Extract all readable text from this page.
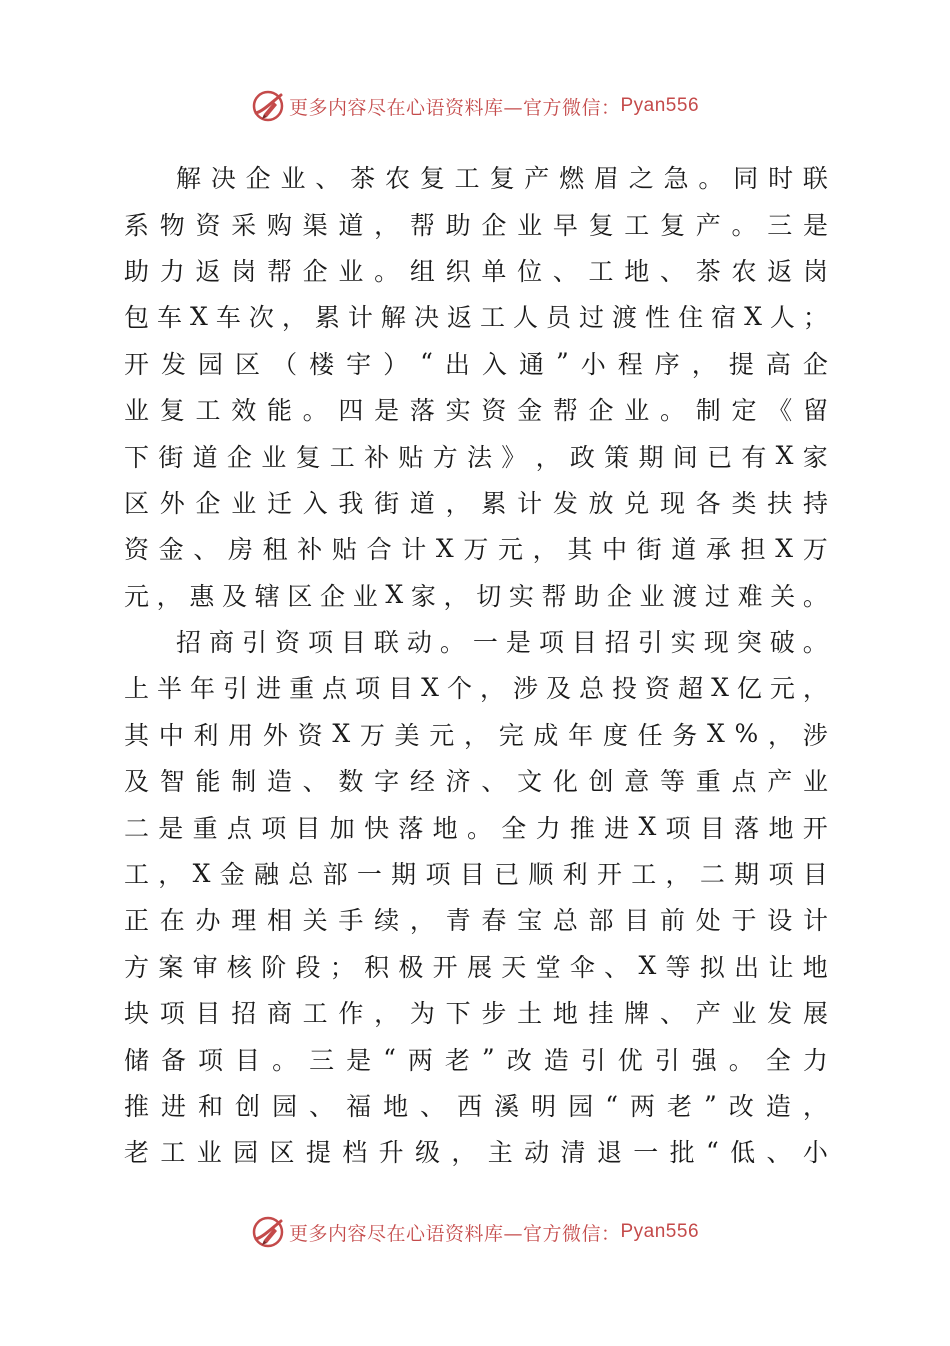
更多内容尽在心语资料库—官方微信： Pyan556
解 决 企 业 、 茶 农 复 工 复 产 燃 眉 之 急 。 同 时 联
系 物 资 采 购 渠 道 ， 帮 助 企 业 早 复 工 复 产 。 三 是
助 力 返 岗 帮 企 业 。 组 织 单 位 、 工 地 、 茶 农 返 岗
包 车 X 车 次 ， 累 计 解 决 返 工 人 员 过 渡 性 住 宿 X 人 ；
开 发 园 区 （ 楼 宇 ） “ 出 入 通 ” 小 程 序 ， 提 高 企
业 复 工 效 能 。 四 是 落 实 资 金 帮 企 业 。 制 定 《 留
下 街 道 企 业 复 工 补 贴 方 法 》 ， 政 策 期 间 已 有 X 家
区 外 企 业 迁 入 我 街 道 ， 累 计 发 放 兑 现 各 类 扶 持
资 金 、 房 租 补 贴 合 计 X 万 元 ， 其 中 街 道 承 担 X 万
元 ， 惠 及 辖 区 企 业 X 家 ， 切 实 帮 助 企 业 渡 过 难 关 。
招 商 引 资 项 目 联 动 。 一 是 项 目 招 引 实 现 突 破 。
上 半 年 引 进 重 点 项 目 X 个 ， 涉 及 总 投 资 超 X 亿 元 ，
其 中 利 用 外 资 X 万 美 元 ， 完 成 年 度 任 务 X % ， 涉
及 智 能 制 造 、 数 字 经 济 、 文 化 创 意 等 重 点 产 业
二 是 重 点 项 目 加 快 落 地 。 全 力 推 进 X 项 目 落 地 开
工 ， X 金 融 总 部 一 期 项 目 已 顺 利 开 工 ， 二 期 项 目
正 在 办 理 相 关 手 续 ， 青 春 宝 总 部 目 前 处 于 设 计
方 案 审 核 阶 段 ； 积 极 开 展 天 堂 伞 、 X 等 拟 出 让 地
块 项 目 招 商 工 作 ， 为 下 步 土 地 挂 牌 、 产 业 发 展
储 备 项 目 。 三 是 “ 两 老 ” 改 造 引 优 引 强 。 全 力
推 进 和 创 园 、 福 地 、 西 溪 明 园 “ 两 老 ” 改 造 ，
老 工 业 园 区 提 档 升 级 ， 主 动 清 退 一 批 “ 低 、 小
更多内容尽在心语资料库—官方微信： Pyan556
